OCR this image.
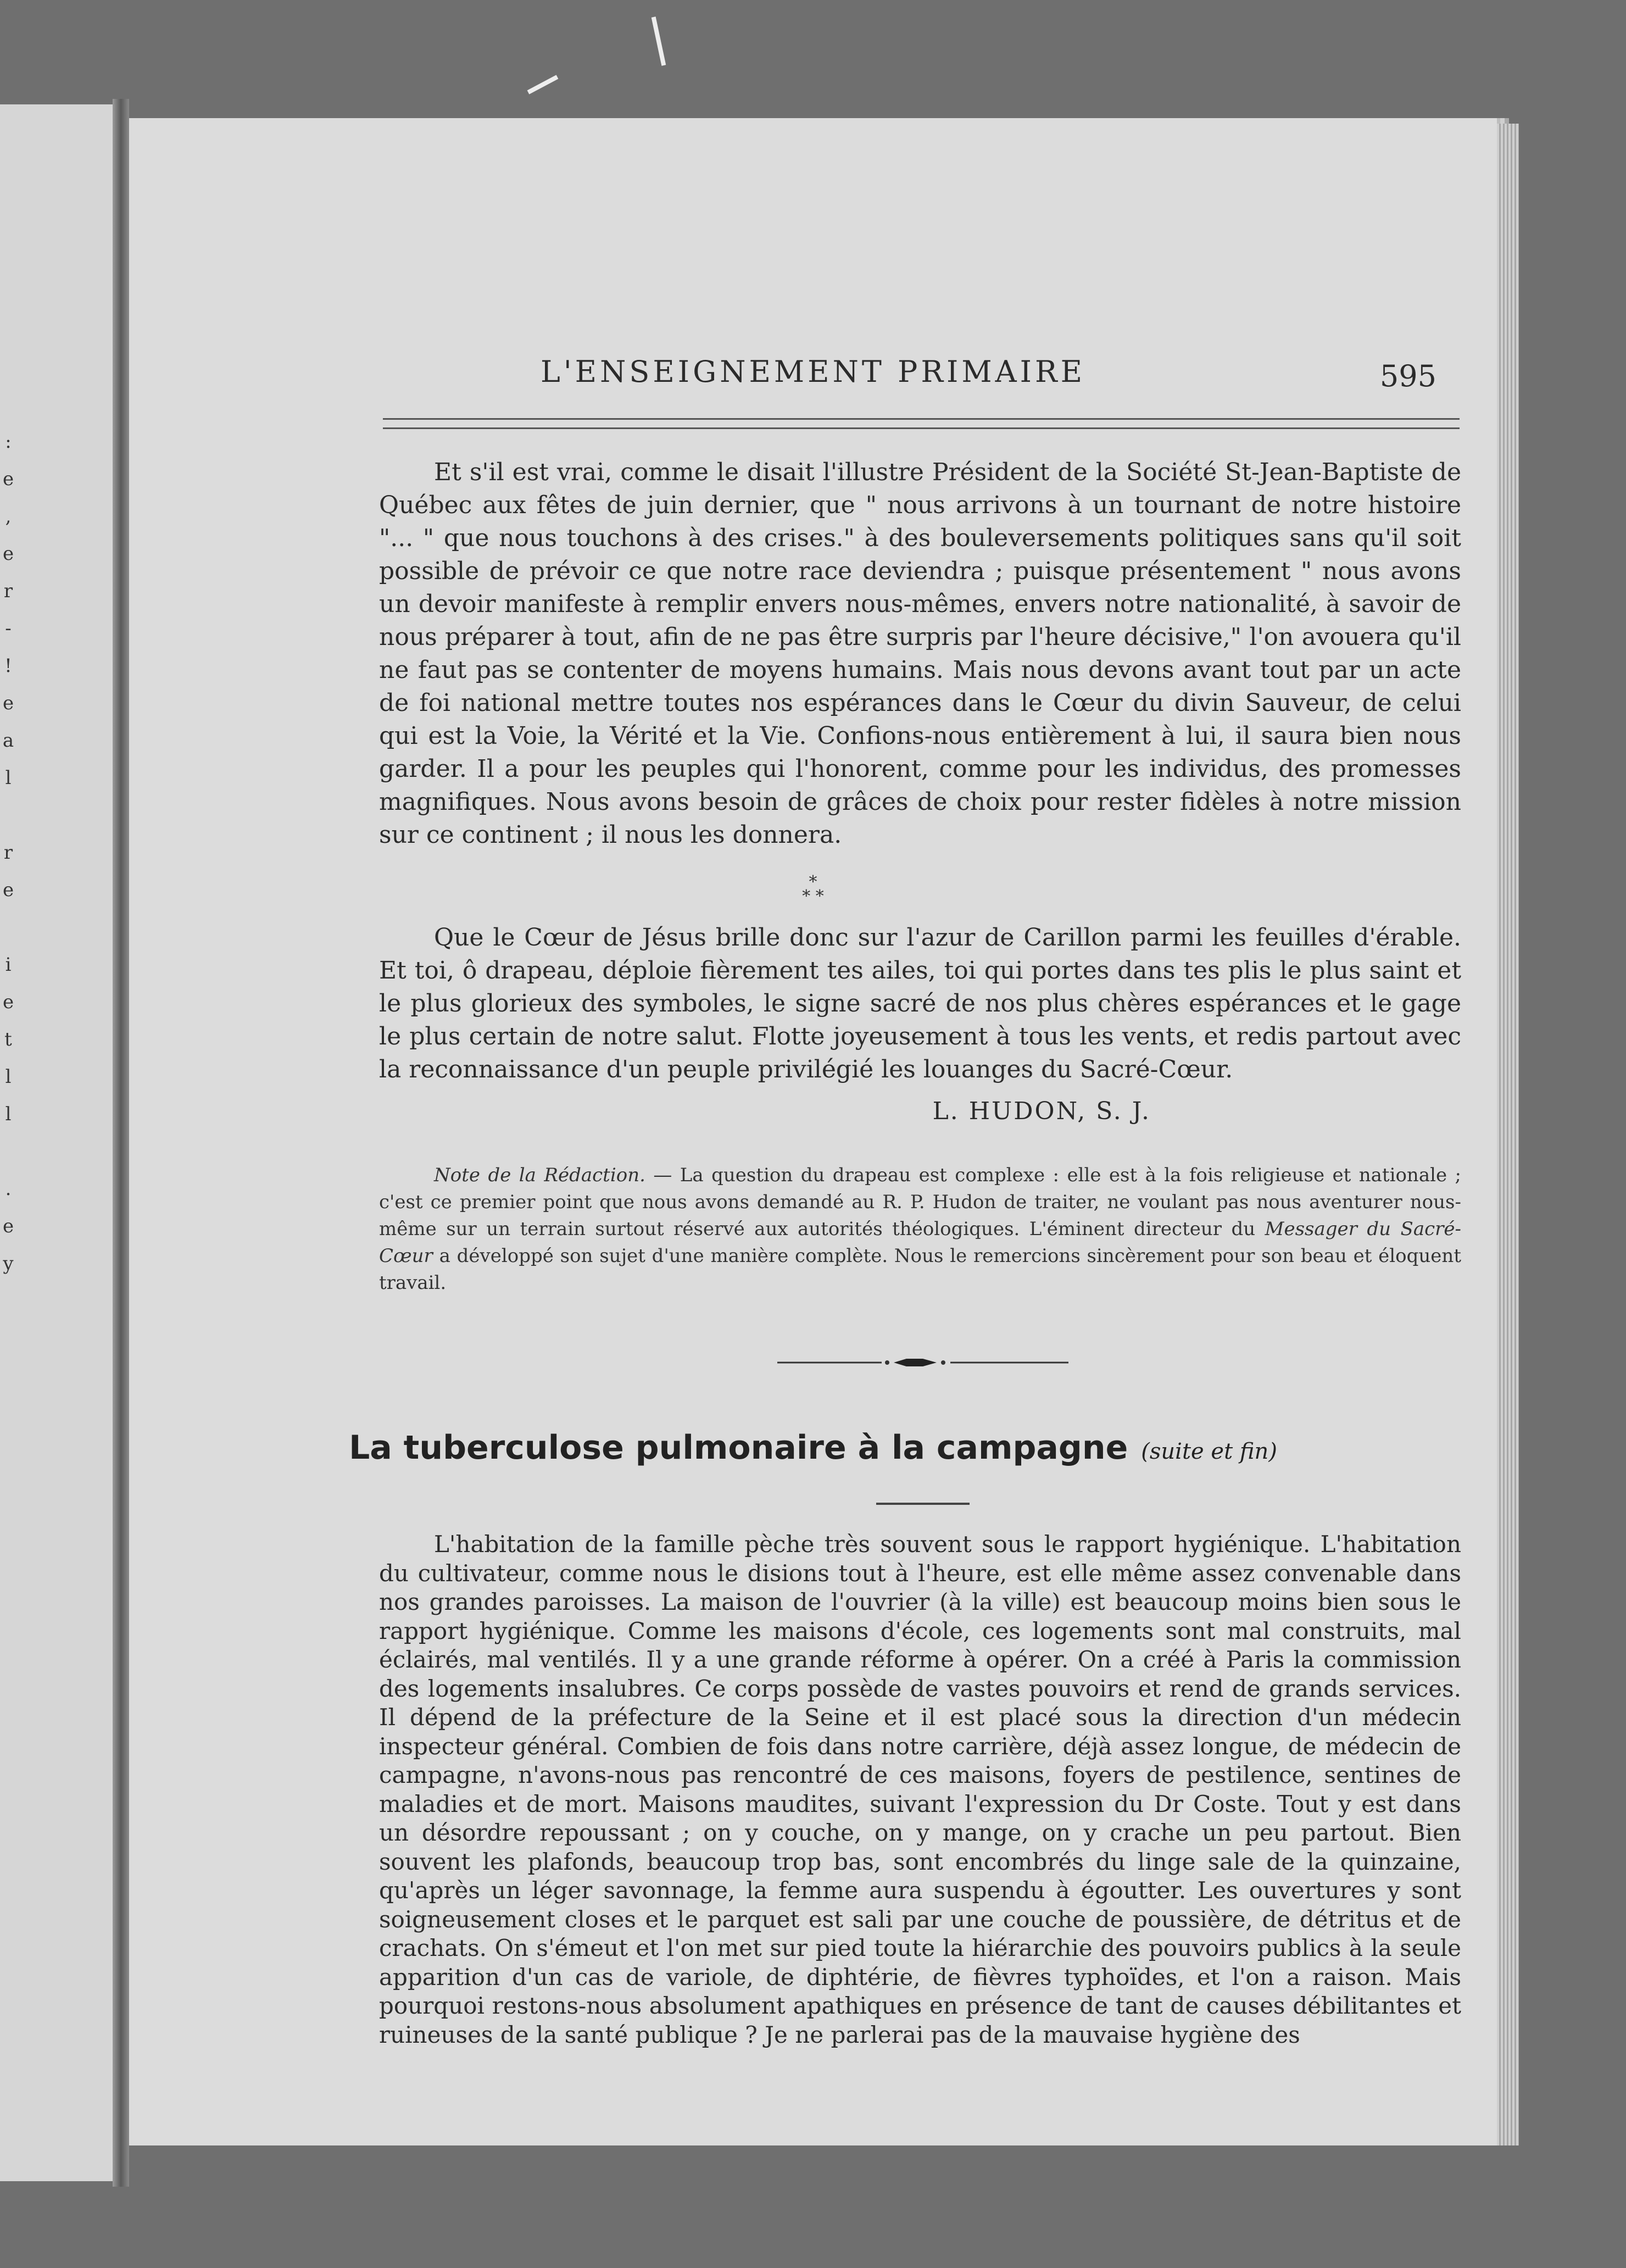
:
e
,
e
r
-
!
e
a
l

r
e

i
e
t
l
l

.
e
y
L'ENSEIGNEMENT PRIMAIRE	595

Et s'il est vrai, comme le disait l'illustre Président de la Société St-Jean-Baptiste de Québec aux fêtes de juin dernier, que " nous arrivons à un tournant de notre histoire "... " que nous touchons à des crises." à des bouleversements politiques sans qu'il soit possible de prévoir ce que notre race deviendra ; puisque présentement " nous avons un devoir manifeste à remplir envers nous-mêmes, envers notre nationalité, à savoir de nous préparer à tout, afin de ne pas être surpris par l'heure décisive," l'on avouera qu'il ne faut pas se contenter de moyens humains. Mais nous devons avant tout par un acte de foi national mettre toutes nos espérances dans le Cœur du divin Sauveur, de celui qui est la Voie, la Vérité et la Vie. Confions-nous entièrement à lui, il saura bien nous garder. Il a pour les peuples qui l'honorent, comme pour les individus, des promesses magnifiques. Nous avons besoin de grâces de choix pour rester fidèles à notre mission sur ce continent ; il nous les donnera.

*
* *

Que le Cœur de Jésus brille donc sur l'azur de Carillon parmi les feuilles d'érable. Et toi, ô drapeau, déploie fièrement tes ailes, toi qui portes dans tes plis le plus saint et le plus glorieux des symboles, le signe sacré de nos plus chères espérances et le gage le plus certain de notre salut. Flotte joyeusement à tous les vents, et redis partout avec la reconnaissance d'un peuple privilégié les louanges du Sacré-Cœur.

L. HUDON, S. J.

Note de la Rédaction. — La question du drapeau est complexe : elle est à la fois religieuse et nationale ; c'est ce premier point que nous avons demandé au R. P. Hudon de traiter, ne voulant pas nous aventurer nous-même sur un terrain surtout réservé aux autorités théologiques. L'éminent directeur du Messager du Sacré-Cœur a développé son sujet d'une manière complète. Nous le remercions sincèrement pour son beau et éloquent travail.

La tuberculose pulmonaire à la campagne (suite et fin)

L'habitation de la famille pèche très souvent sous le rapport hygiénique. L'habitation du cultivateur, comme nous le disions tout à l'heure, est elle même assez convenable dans nos grandes paroisses. La maison de l'ouvrier (à la ville) est beaucoup moins bien sous le rapport hygiénique. Comme les maisons d'école, ces logements sont mal construits, mal éclairés, mal ventilés. Il y a une grande réforme à opérer. On a créé à Paris la commission des logements insalubres. Ce corps possède de vastes pouvoirs et rend de grands services. Il dépend de la préfecture de la Seine et il est placé sous la direction d'un médecin inspecteur général. Combien de fois dans notre carrière, déjà assez longue, de médecin de campagne, n'avons-nous pas rencontré de ces maisons, foyers de pestilence, sentines de maladies et de mort. Maisons maudites, suivant l'expression du Dr Coste. Tout y est dans un désordre repoussant ; on y couche, on y mange, on y crache un peu partout. Bien souvent les plafonds, beaucoup trop bas, sont encombrés du linge sale de la quinzaine, qu'après un léger savonnage, la femme aura suspendu à égoutter. Les ouvertures y sont soigneusement closes et le parquet est sali par une couche de poussière, de détritus et de crachats. On s'émeut et l'on met sur pied toute la hiérarchie des pouvoirs publics à la seule apparition d'un cas de variole, de diphtérie, de fièvres typhoïdes, et l'on a raison. Mais pourquoi restons-nous absolument apathiques en présence de tant de causes débilitantes et ruineuses de la santé publique ? Je ne parlerai pas de la mauvaise hygiène des
